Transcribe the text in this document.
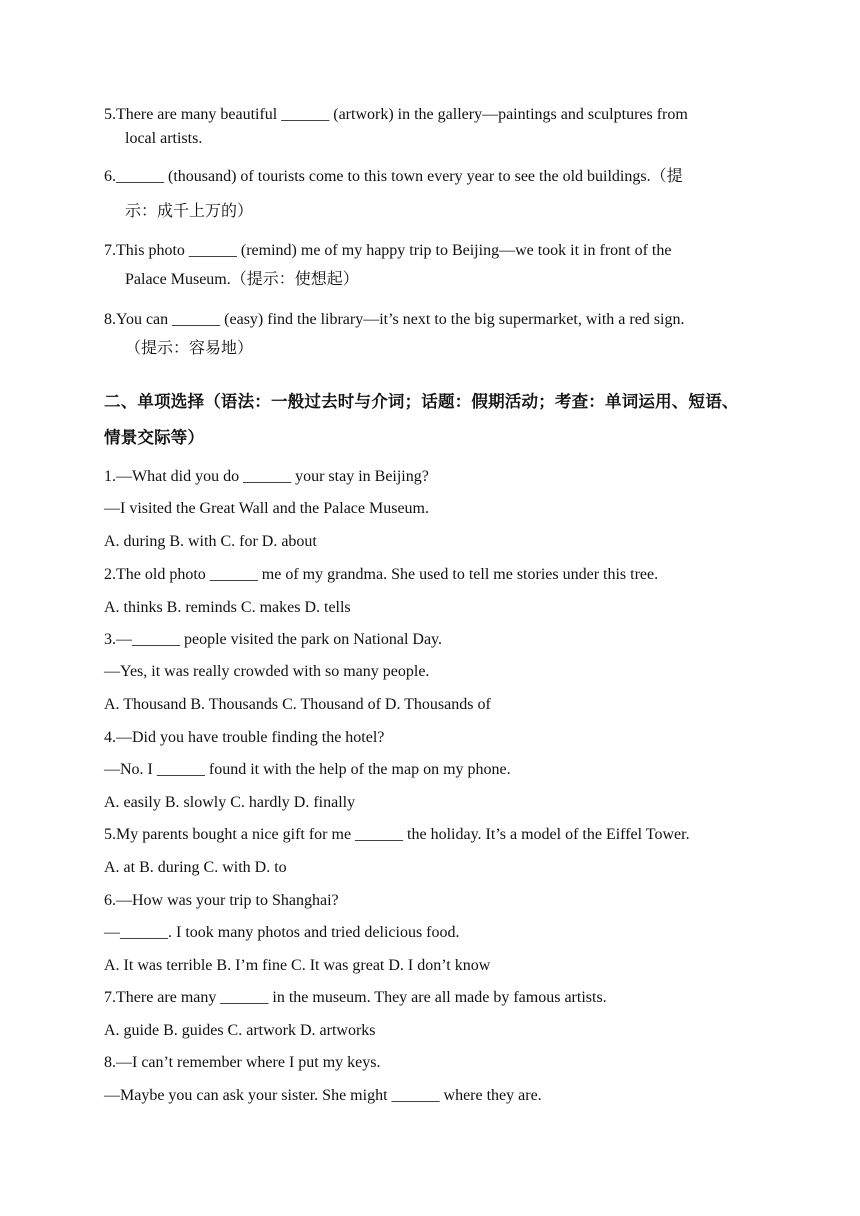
5.There are many beautiful ______ (artwork) in the gallery—paintings and sculptures from
local artists.
6.______ (thousand) of tourists come to this town every year to see the old buildings.（提
示：成千上万的）
7.This photo ______ (remind) me of my happy trip to Beijing—we took it in front of the
Palace Museum.（提示：使想起）
8.You can ______ (easy) find the library—it’s next to the big supermarket, with a red sign.
（提示：容易地）
二、单项选择（语法：一般过去时与介词；话题：假期活动；考查：单词运用、短语、
情景交际等）
1.—What did you do ______ your stay in Beijing?
—I visited the Great Wall and the Palace Museum.
A. during B. with C. for D. about
2.The old photo ______ me of my grandma. She used to tell me stories under this tree.
A. thinks B. reminds C. makes D. tells
3.—______ people visited the park on National Day.
—Yes, it was really crowded with so many people.
A. Thousand B. Thousands C. Thousand of D. Thousands of
4.—Did you have trouble finding the hotel?
—No. I ______ found it with the help of the map on my phone.
A. easily B. slowly C. hardly D. finally
5.My parents bought a nice gift for me ______ the holiday. It’s a model of the Eiffel Tower.
A. at B. during C. with D. to
6.—How was your trip to Shanghai?
—______. I took many photos and tried delicious food.
A. It was terrible B. I’m fine C. It was great D. I don’t know
7.There are many ______ in the museum. They are all made by famous artists.
A. guide B. guides C. artwork D. artworks
8.—I can’t remember where I put my keys.
—Maybe you can ask your sister. She might ______ where they are.
